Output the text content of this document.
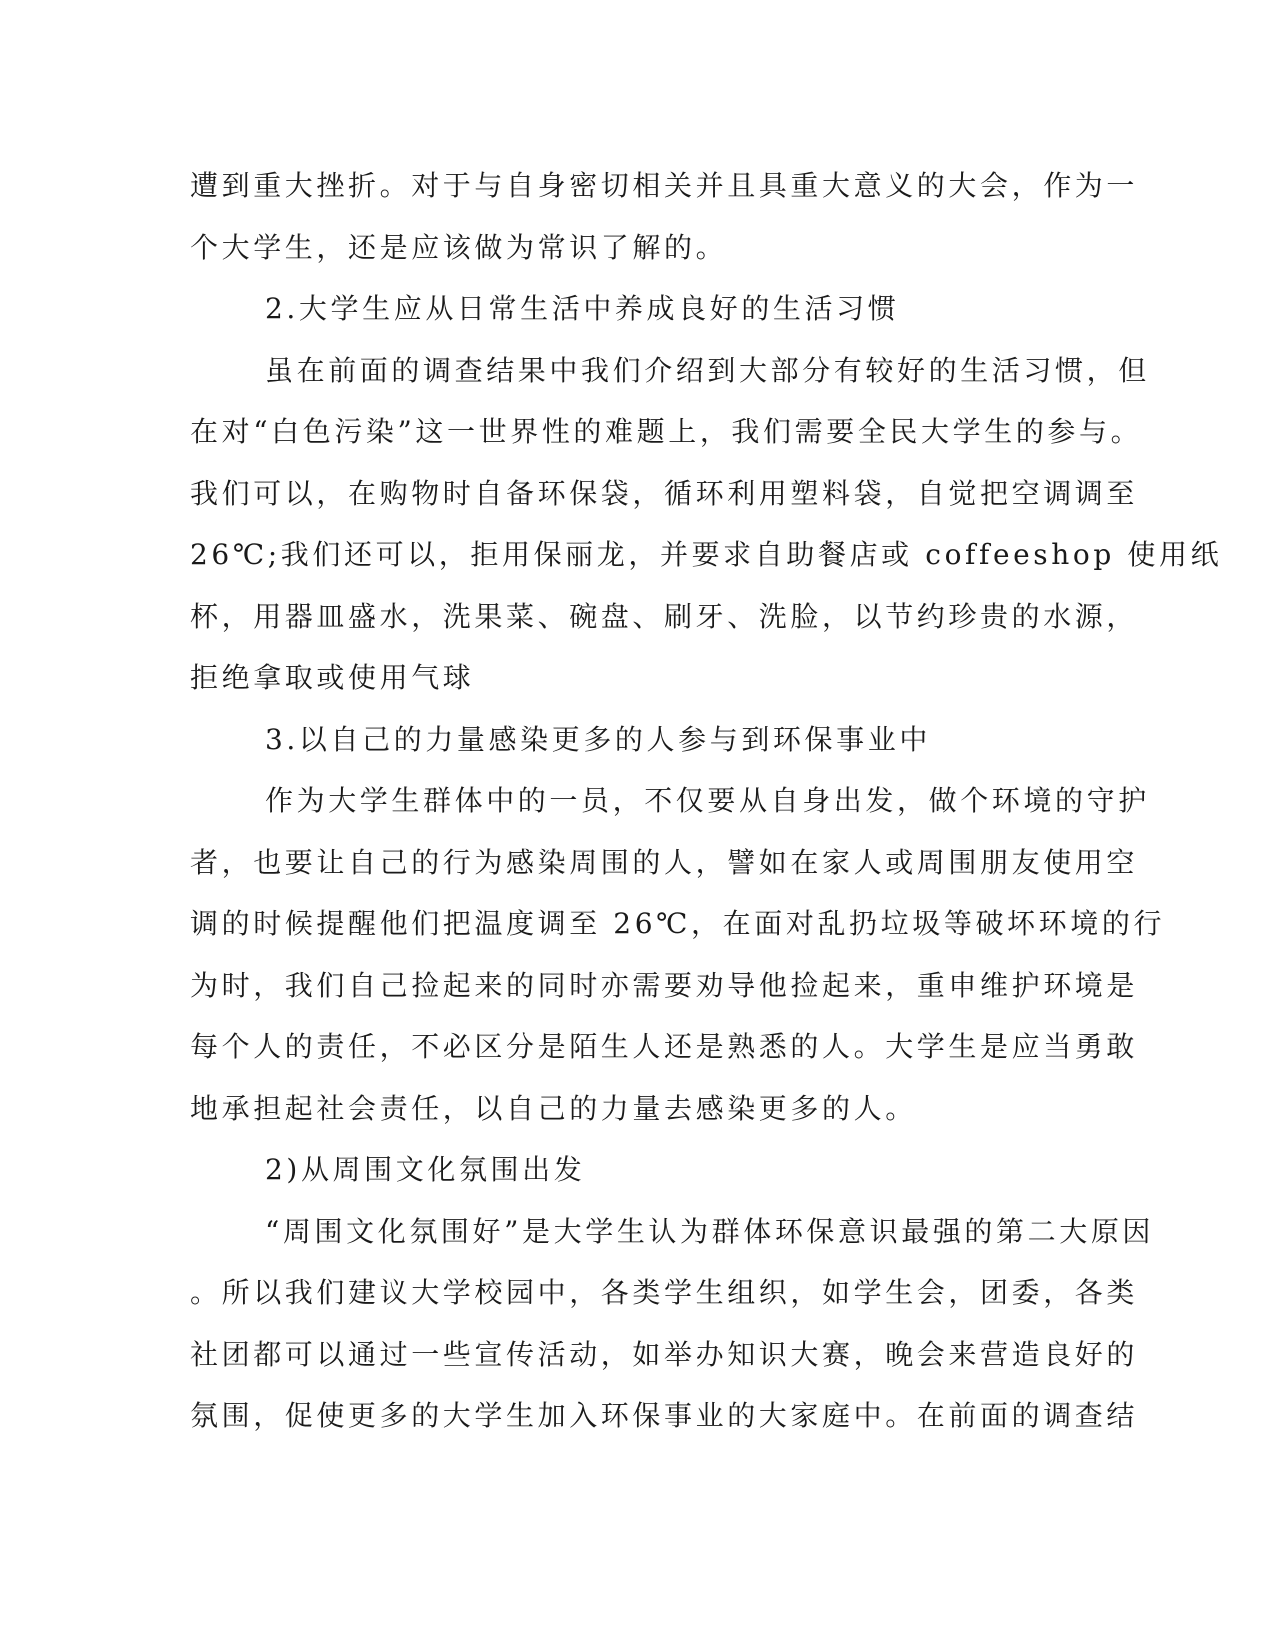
遭到重大挫折。对于与自身密切相关并且具重大意义的大会，作为一
个大学生，还是应该做为常识了解的。
2.大学生应从日常生活中养成良好的生活习惯
虽在前面的调查结果中我们介绍到大部分有较好的生活习惯，但
在对“白色污染”这一世界性的难题上，我们需要全民大学生的参与。
我们可以，在购物时自备环保袋，循环利用塑料袋，自觉把空调调至
26℃;我们还可以，拒用保丽龙，并要求自助餐店或 coffeeshop 使用纸
杯，用器皿盛水，洗果菜、碗盘、刷牙、洗脸，以节约珍贵的水源，
拒绝拿取或使用气球
3.以自己的力量感染更多的人参与到环保事业中
作为大学生群体中的一员，不仅要从自身出发，做个环境的守护
者，也要让自己的行为感染周围的人，譬如在家人或周围朋友使用空
调的时候提醒他们把温度调至 26℃，在面对乱扔垃圾等破坏环境的行
为时，我们自己捡起来的同时亦需要劝导他捡起来，重申维护环境是
每个人的责任，不必区分是陌生人还是熟悉的人。大学生是应当勇敢
地承担起社会责任，以自己的力量去感染更多的人。
2)从周围文化氛围出发
“周围文化氛围好”是大学生认为群体环保意识最强的第二大原因
。所以我们建议大学校园中，各类学生组织，如学生会，团委，各类
社团都可以通过一些宣传活动，如举办知识大赛，晚会来营造良好的
氛围，促使更多的大学生加入环保事业的大家庭中。在前面的调查结
